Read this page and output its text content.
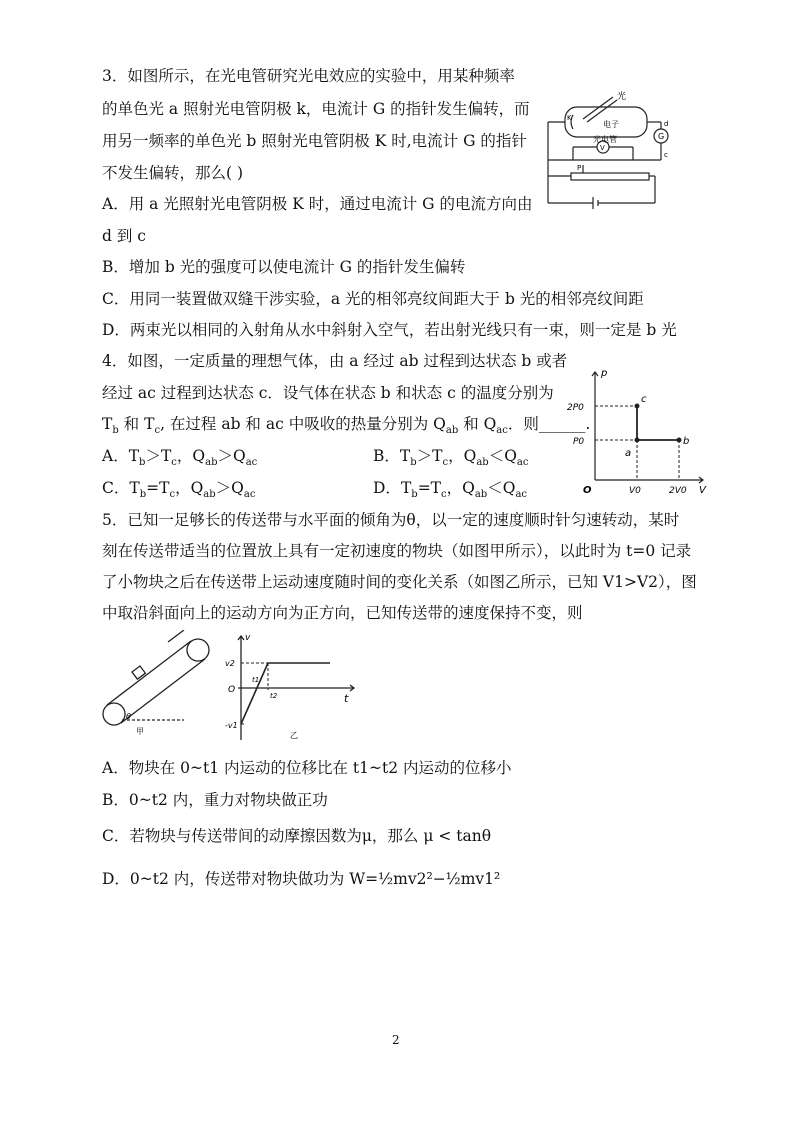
3．如图所示，在光电管研究光电效应的实验中，用某种频率
的单色光 a 照射光电管阴极 k，电流计 G 的指针发生偏转，而
用另一频率的单色光 b 照射光电管阴极 K 时,电流计 G 的指针
不发生偏转，那么( )
A．用 a 光照射光电管阴极 K 时，通过电流计 G 的电流方向由
d 到 c
B．增加 b 光的强度可以使电流计 G 的指针发生偏转
C．用同一装置做双缝干涉实验，a 光的相邻亮纹间距大于 b 光的相邻亮纹间距
D．两束光以相同的入射角从水中斜射入空气，若出射光线只有一束，则一定是 b 光
光
电子
光电管	G
V
d
c
K
P
4．如图，一定质量的理想气体，由 a 经过 ab 过程到达状态 b 或者
经过 ac 过程到达状态 c．设气体在状态 b 和状态 c 的温度分别为
$T_b$ 和 $T_c$, 在过程 ab 和 ac 中吸收的热量分别为 $Q_{ab}$ 和 $Q_{ac}$．则______.
A．$T_b>T_c$，$Q_{ab}>Q_{ac}$	B．$T_b>T_c$，$Q_{ab}<Q_{ac}$
C．$T_b=T_c$，$Q_{ab}>Q_{ac}$	D．$T_b=T_c$，$Q_{ab}<Q_{ac}$
p
2P0
P0
O	V0	2V0 V
a
b
c
5．已知一足够长的传送带与水平面的倾角为θ，以一定的速度顺时针匀速转动，某时
刻在传送带适当的位置放上具有一定初速度的物块（如图甲所示），以此时为 t=0 记录
了小物块之后在传送带上运动速度随时间的变化关系（如图乙所示，已知 V1>V2），图
中取沿斜面向上的运动方向为正方向，已知传送带的速度保持不变，则
甲	乙
v
v2
O
-v1
t
t1
t2
θ
A．物块在 0~t1 内运动的位移比在 t1~t2 内运动的位移小
B．0~t2 内，重力对物块做正功
C．若物块与传送带间的动摩擦因数为μ，那么 μ < tanθ
D．0~t2 内，传送带对物块做功为 W=½mv2²−½mv1²
2
